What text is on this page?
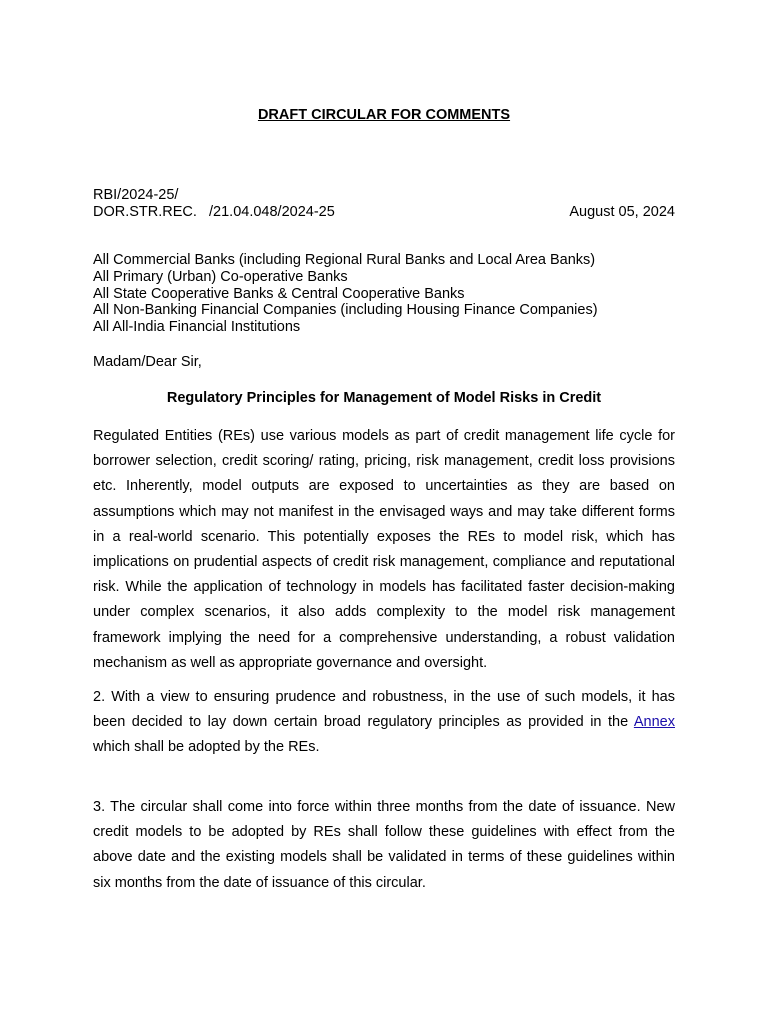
DRAFT CIRCULAR FOR COMMENTS
RBI/2024-25/
DOR.STR.REC.   /21.04.048/2024-25	August 05, 2024
All Commercial Banks (including Regional Rural Banks and Local Area Banks)
All Primary (Urban) Co-operative Banks
All State Cooperative Banks & Central Cooperative Banks
All Non-Banking Financial Companies (including Housing Finance Companies)
All All-India Financial Institutions
Madam/Dear Sir,
Regulatory Principles for Management of Model Risks in Credit

Regulated Entities (REs) use various models as part of credit management life cycle for borrower selection, credit scoring/ rating, pricing, risk management, credit loss provisions etc. Inherently, model outputs are exposed to uncertainties as they are based on assumptions which may not manifest in the envisaged ways and may take different forms in a real-world scenario. This potentially exposes the REs to model risk, which has implications on prudential aspects of credit risk management, compliance and reputational risk. While the application of technology in models has facilitated faster decision-making under complex scenarios, it also adds complexity to the model risk management framework implying the need for a comprehensive understanding, a robust validation mechanism as well as appropriate governance and oversight.

2. With a view to ensuring prudence and robustness, in the use of such models, it has been decided to lay down certain broad regulatory principles as provided in the Annex which shall be adopted by the REs.

3. The circular shall come into force within three months from the date of issuance. New credit models to be adopted by REs shall follow these guidelines with effect from the above date and the existing models shall be validated in terms of these guidelines within six months from the date of issuance of this circular.
